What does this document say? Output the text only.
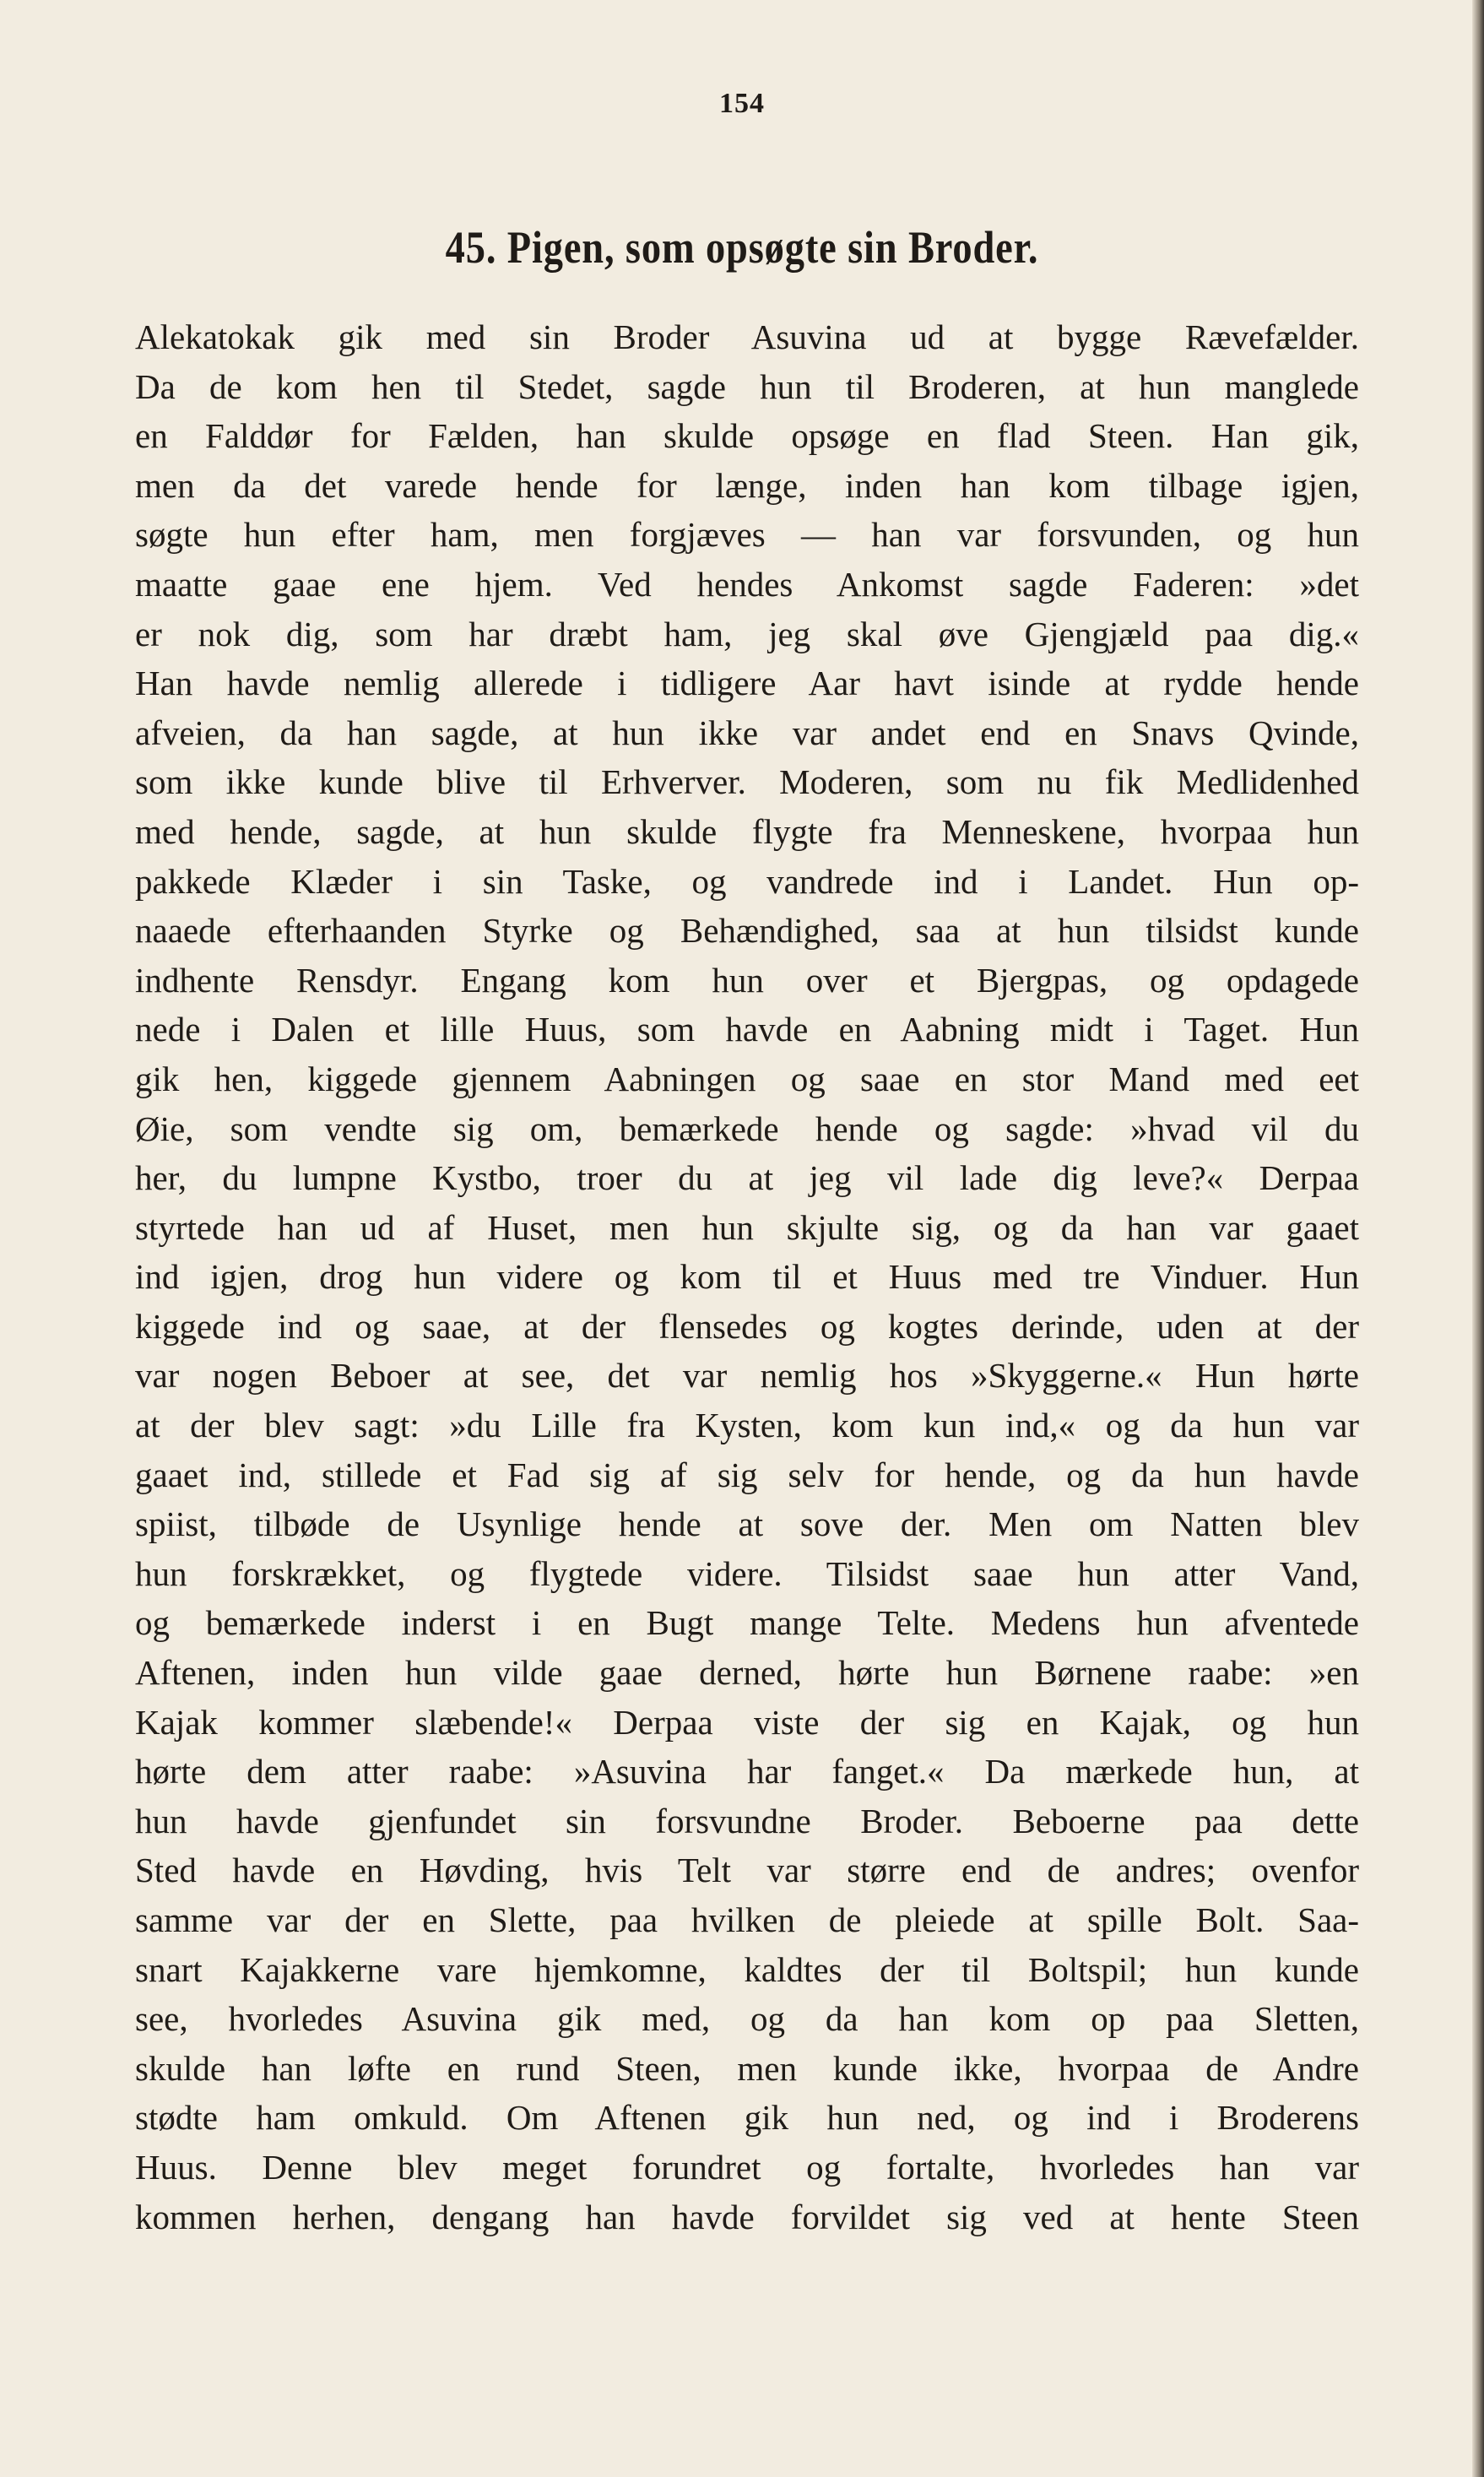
154
45. Pigen, som opsøgte sin Broder.
Alekatokak gik med sin Broder Asuvina ud at bygge Rævefælder.
Da de kom hen til Stedet, sagde hun til Broderen, at hun manglede
en Falddør for Fælden, han skulde opsøge en flad Steen. Han gik,
men da det varede hende for længe, inden han kom tilbage igjen,
søgte hun efter ham, men forgjæves — han var forsvunden, og hun
maatte gaae ene hjem. Ved hendes Ankomst sagde Faderen: »det
er nok dig, som har dræbt ham, jeg skal øve Gjengjæld paa dig.«
Han havde nemlig allerede i tidligere Aar havt isinde at rydde hende
afveien, da han sagde, at hun ikke var andet end en Snavs Qvinde,
som ikke kunde blive til Erhverver. Moderen, som nu fik Medlidenhed
med hende, sagde, at hun skulde flygte fra Menneskene, hvorpaa hun
pakkede Klæder i sin Taske, og vandrede ind i Landet. Hun op-
naaede efterhaanden Styrke og Behændighed, saa at hun tilsidst kunde
indhente Rensdyr. Engang kom hun over et Bjergpas, og opdagede
nede i Dalen et lille Huus, som havde en Aabning midt i Taget. Hun
gik hen, kiggede gjennem Aabningen og saae en stor Mand med eet
Øie, som vendte sig om, bemærkede hende og sagde: »hvad vil du
her, du lumpne Kystbo, troer du at jeg vil lade dig leve?« Derpaa
styrtede han ud af Huset, men hun skjulte sig, og da han var gaaet
ind igjen, drog hun videre og kom til et Huus med tre Vinduer. Hun
kiggede ind og saae, at der flensedes og kogtes derinde, uden at der
var nogen Beboer at see, det var nemlig hos »Skyggerne.« Hun hørte
at der blev sagt: »du Lille fra Kysten, kom kun ind,« og da hun var
gaaet ind, stillede et Fad sig af sig selv for hende, og da hun havde
spiist, tilbøde de Usynlige hende at sove der. Men om Natten blev
hun forskrækket, og flygtede videre. Tilsidst saae hun atter Vand,
og bemærkede inderst i en Bugt mange Telte. Medens hun afventede
Aftenen, inden hun vilde gaae derned, hørte hun Børnene raabe: »en
Kajak kommer slæbende!« Derpaa viste der sig en Kajak, og hun
hørte dem atter raabe: »Asuvina har fanget.« Da mærkede hun, at
hun havde gjenfundet sin forsvundne Broder. Beboerne paa dette
Sted havde en Høvding, hvis Telt var større end de andres; ovenfor
samme var der en Slette, paa hvilken de pleiede at spille Bolt. Saa-
snart Kajakkerne vare hjemkomne, kaldtes der til Boltspil; hun kunde
see, hvorledes Asuvina gik med, og da han kom op paa Sletten,
skulde han løfte en rund Steen, men kunde ikke, hvorpaa de Andre
stødte ham omkuld. Om Aftenen gik hun ned, og ind i Broderens
Huus. Denne blev meget forundret og fortalte, hvorledes han var
kommen herhen, dengang han havde forvildet sig ved at hente Steen
